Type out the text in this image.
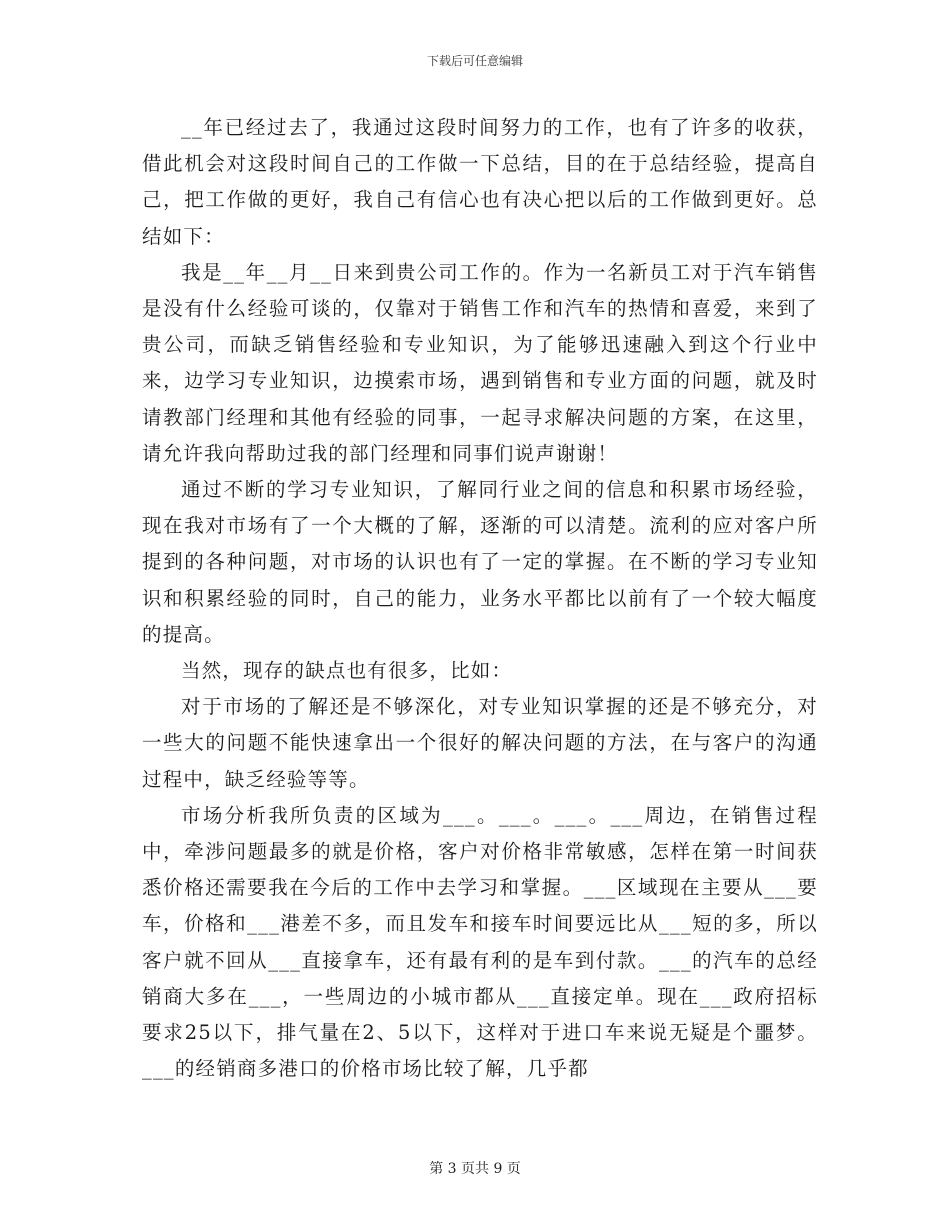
下载后可任意编辑

__年已经过去了，我通过这段时间努力的工作，也有了许多的收获，借此机会对这段时间自己的工作做一下总结，目的在于总结经验，提高自己，把工作做的更好，我自己有信心也有决心把以后的工作做到更好。总结如下：

我是__年__月__日来到贵公司工作的。作为一名新员工对于汽车销售是没有什么经验可谈的，仅靠对于销售工作和汽车的热情和喜爱，来到了贵公司，而缺乏销售经验和专业知识，为了能够迅速融入到这个行业中来，边学习专业知识，边摸索市场，遇到销售和专业方面的问题，就及时请教部门经理和其他有经验的同事，一起寻求解决问题的方案，在这里，请允许我向帮助过我的部门经理和同事们说声谢谢！

通过不断的学习专业知识，了解同行业之间的信息和积累市场经验，现在我对市场有了一个大概的了解，逐渐的可以清楚。流利的应对客户所提到的各种问题，对市场的认识也有了一定的掌握。在不断的学习专业知识和积累经验的同时，自己的能力，业务水平都比以前有了一个较大幅度的提高。

当然，现存的缺点也有很多，比如：

对于市场的了解还是不够深化，对专业知识掌握的还是不够充分，对一些大的问题不能快速拿出一个很好的解决问题的方法，在与客户的沟通过程中，缺乏经验等等。

市场分析我所负责的区域为___。___。___。___周边，在销售过程中，牵涉问题最多的就是价格，客户对价格非常敏感，怎样在第一时间获悉价格还需要我在今后的工作中去学习和掌握。___区域现在主要从___要车，价格和___港差不多，而且发车和接车时间要远比从___短的多，所以客户就不回从___直接拿车，还有最有利的是车到付款。___的汽车的总经销商大多在___，一些周边的小城市都从___直接定单。现在___政府招标要求25以下，排气量在2、5以下，这样对于进口车来说无疑是个噩梦。___的经销商多港口的价格市场比较了解，几乎都

第 3 页共 9 页
